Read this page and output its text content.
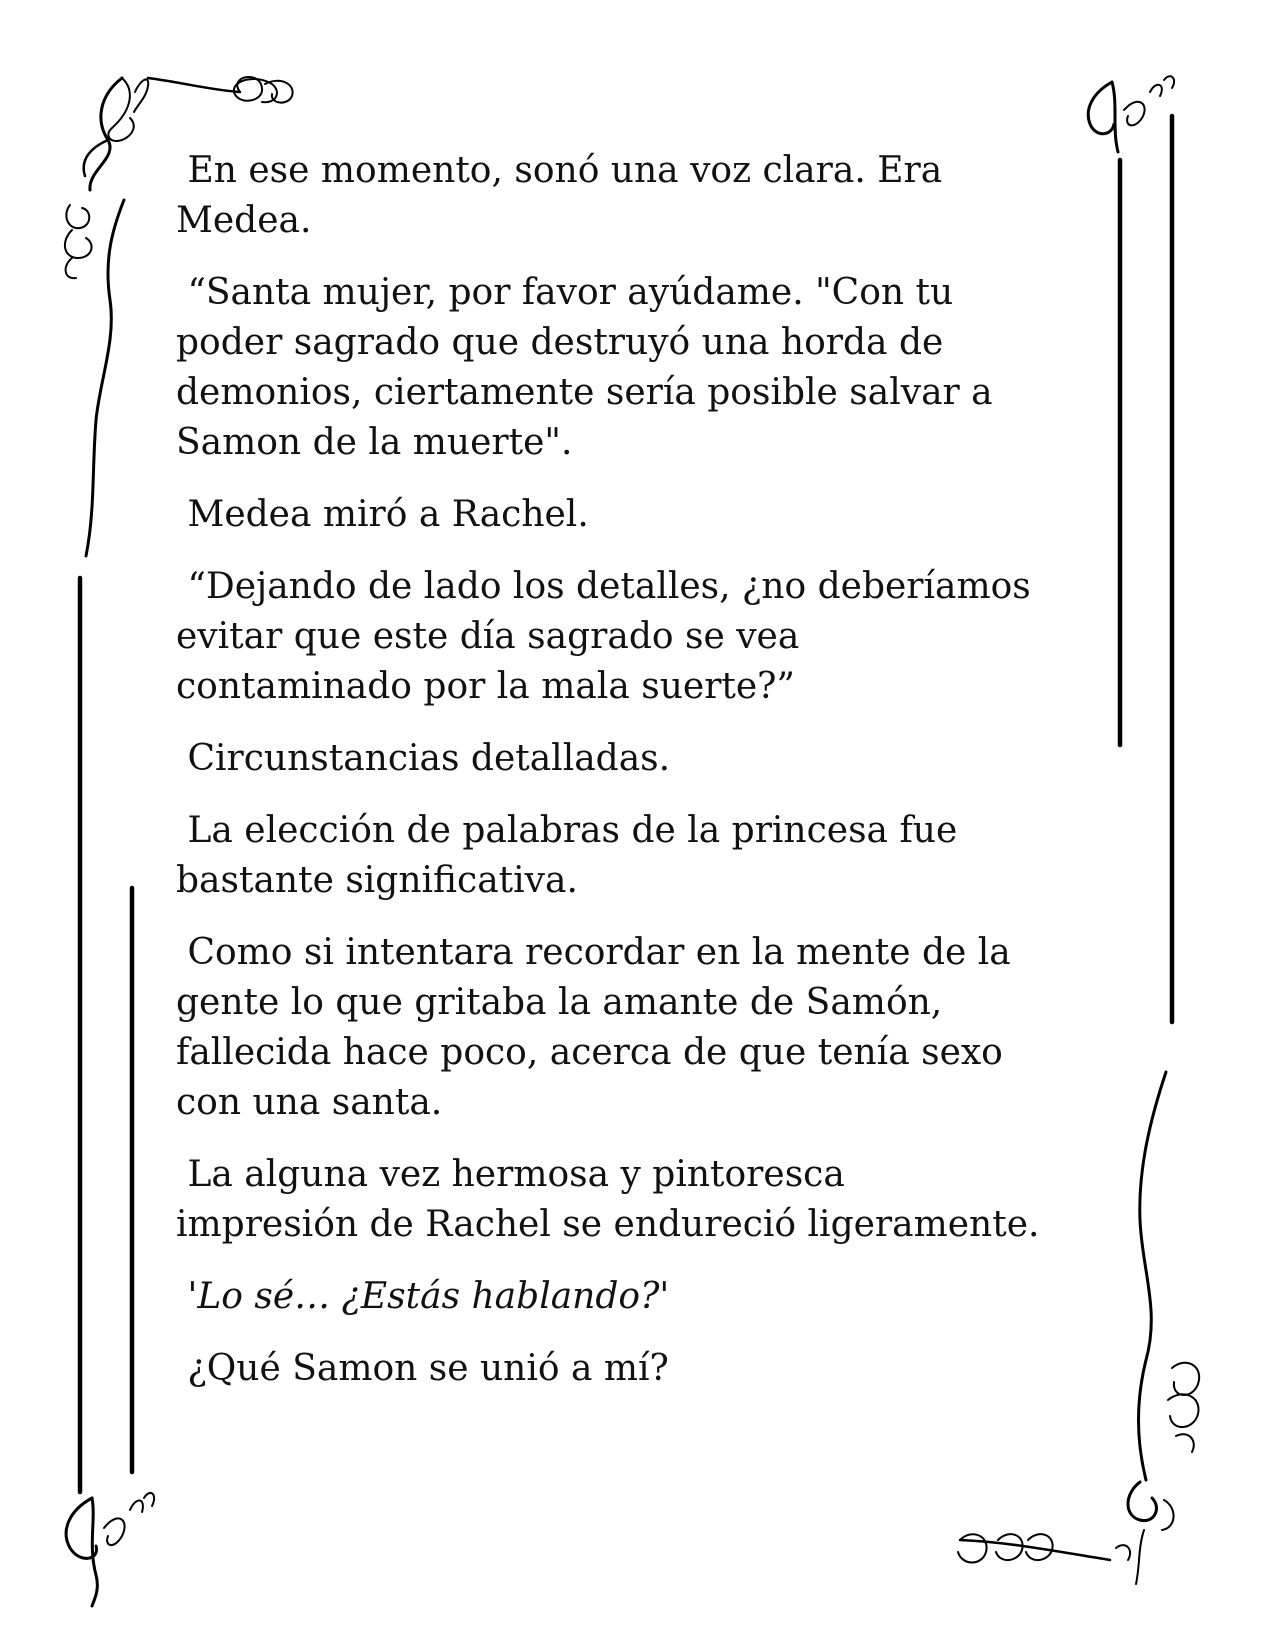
En ese momento, sonó una voz clara. Era

Medea.

“Santa mujer, por favor ayúdame. "Con tu

poder sagrado que destruyó una horda de

demonios, ciertamente sería posible salvar a

Samon de la muerte".

Medea miró a Rachel.

“Dejando de lado los detalles, ¿no deberíamos

evitar que este día sagrado se vea

contaminado por la mala suerte?”

Circunstancias detalladas.

La elección de palabras de la princesa fue

bastante significativa.

Como si intentara recordar en la mente de la

gente lo que gritaba la amante de Samón,

fallecida hace poco, acerca de que tenía sexo

con una santa.

La alguna vez hermosa y pintoresca

impresión de Rachel se endureció ligeramente.

'Lo sé… ¿Estás hablando?'

¿Qué Samon se unió a mí?
